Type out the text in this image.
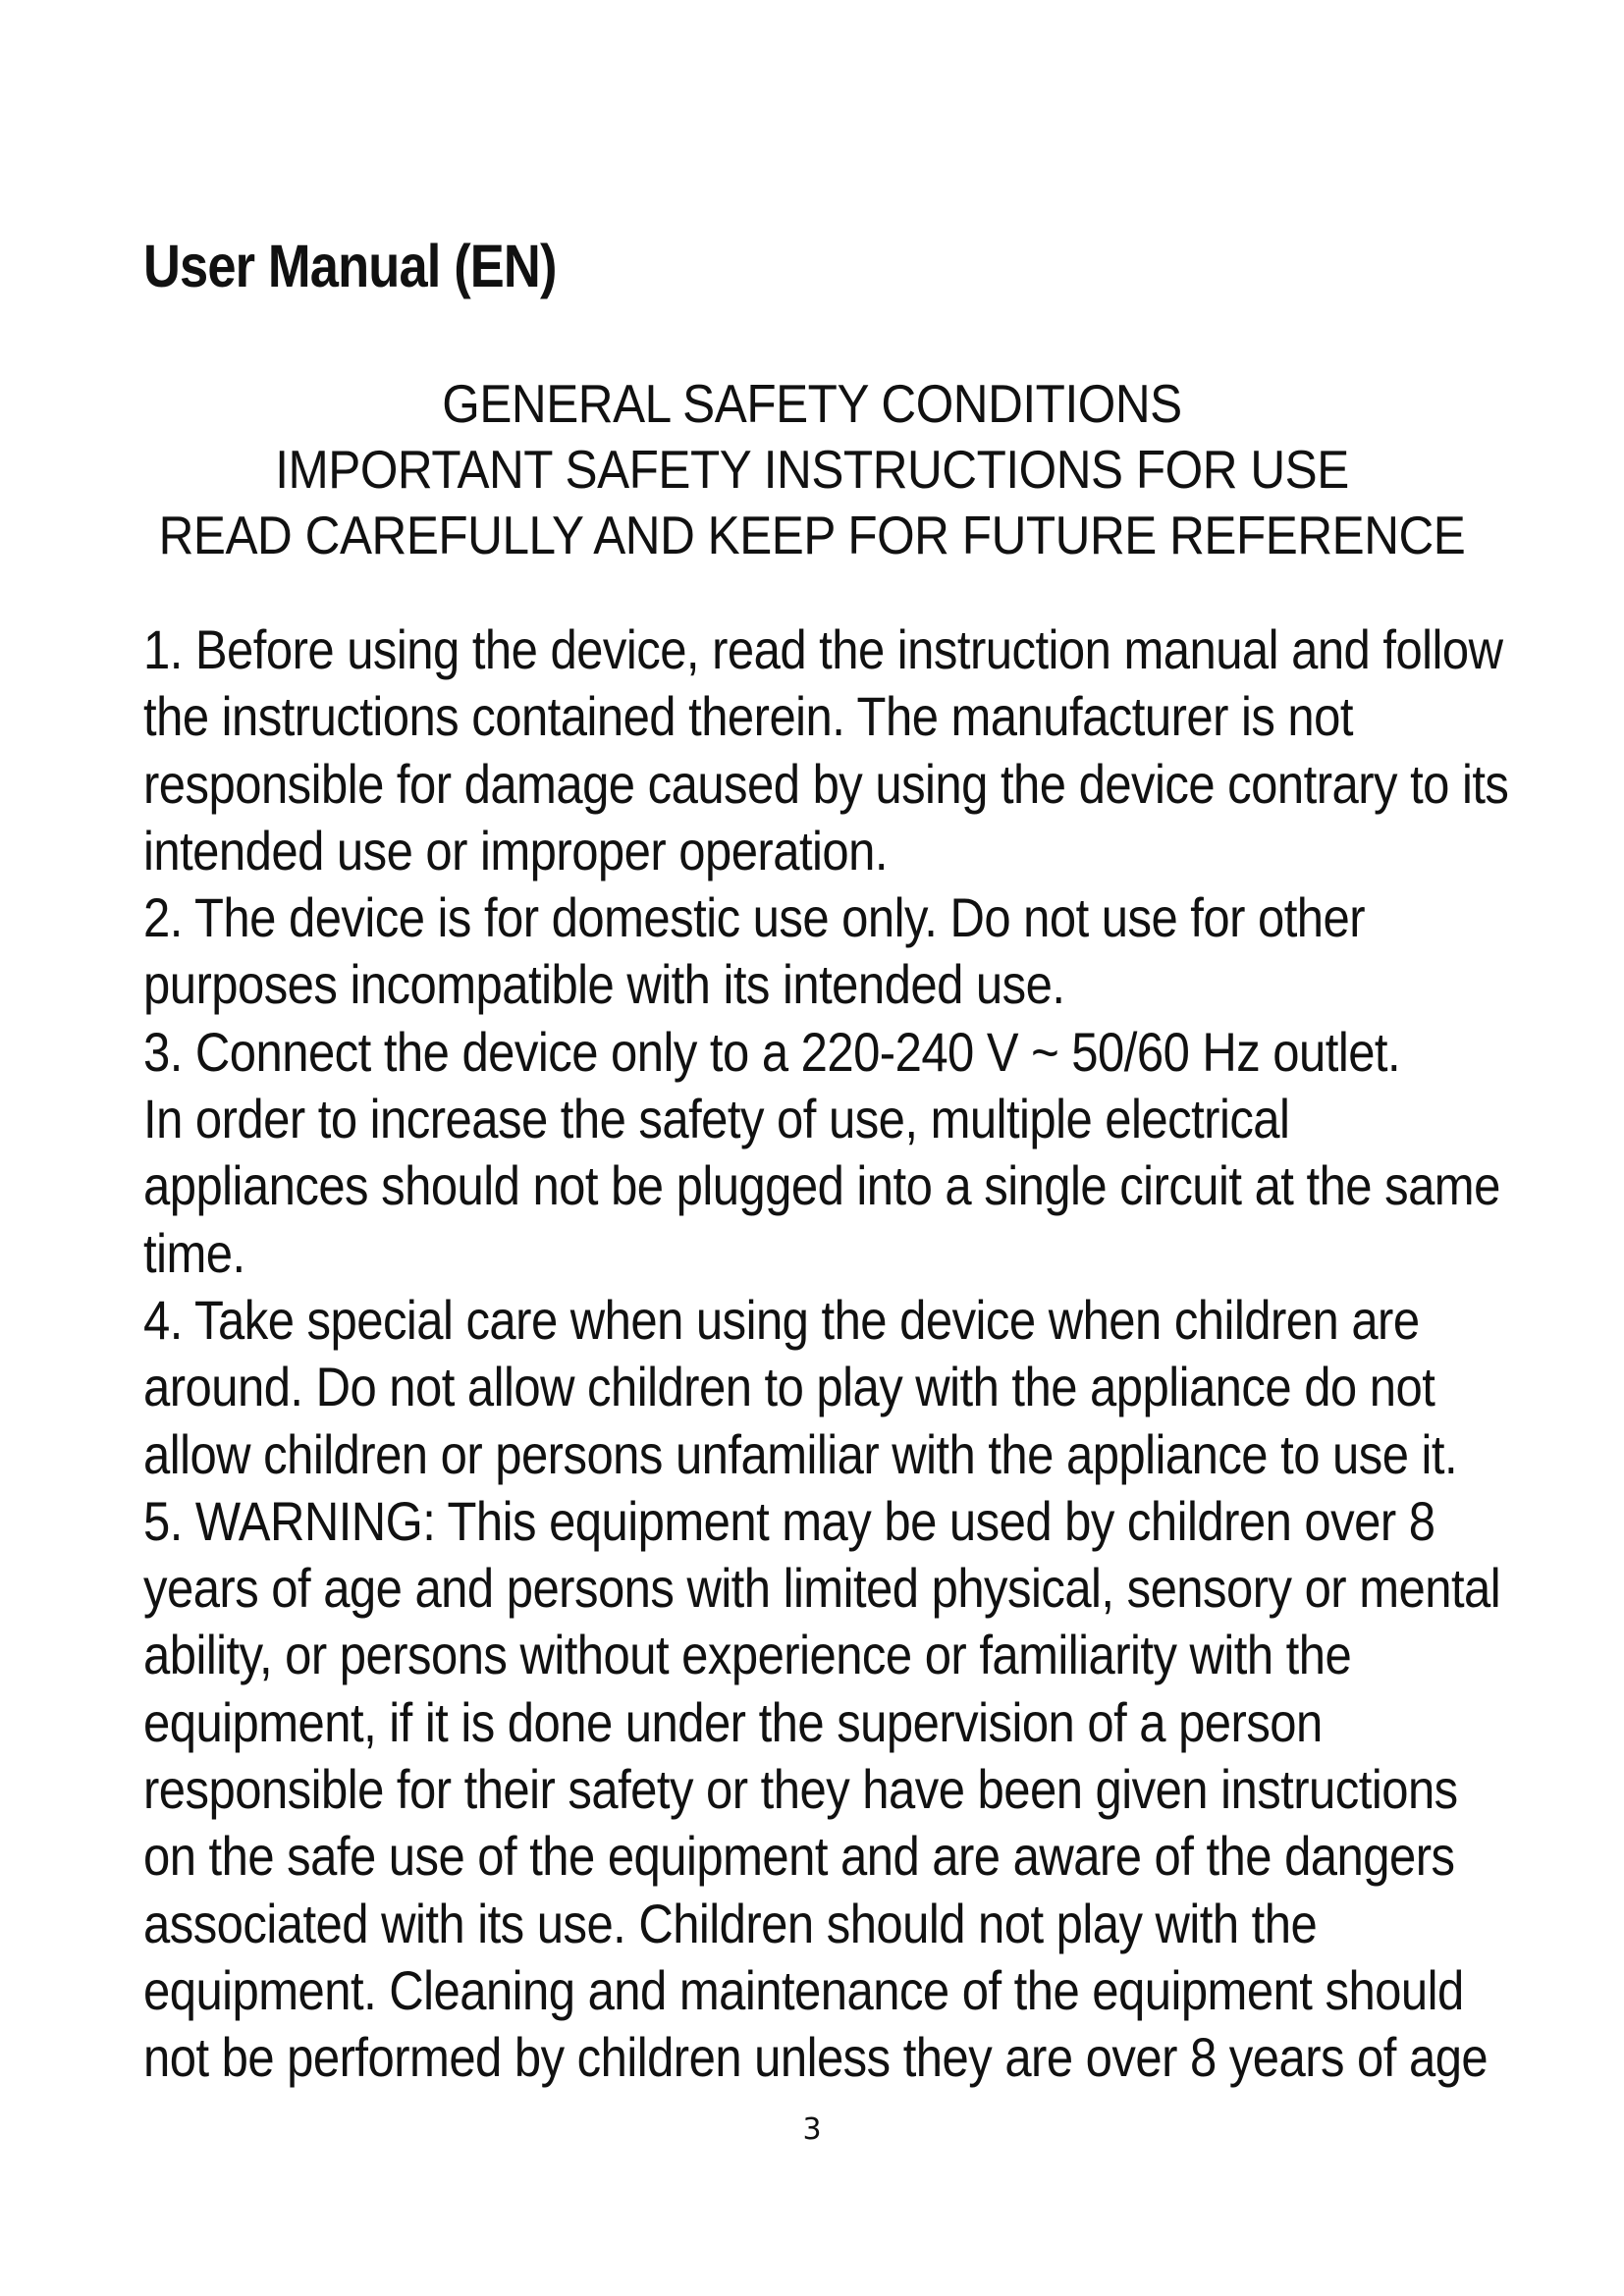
User Manual (EN)
GENERAL SAFETY CONDITIONS
IMPORTANT SAFETY INSTRUCTIONS FOR USE
READ CAREFULLY AND KEEP FOR FUTURE REFERENCE
1. Before using the device, read the instruction manual and follow
the instructions contained therein. The manufacturer is not
responsible for damage caused by using the device contrary to its
intended use or improper operation.
2. The device is for domestic use only. Do not use for other
purposes incompatible with its intended use.
3. Connect the device only to a 220-240 V ~ 50/60 Hz outlet.
In order to increase the safety of use, multiple electrical
appliances should not be plugged into a single circuit at the same
time.
4. Take special care when using the device when children are
around. Do not allow children to play with the appliance do not
allow children or persons unfamiliar with the appliance to use it.
5. WARNING: This equipment may be used by children over 8
years of age and persons with limited physical, sensory or mental
ability, or persons without experience or familiarity with the
equipment, if it is done under the supervision of a person
responsible for their safety or they have been given instructions
on the safe use of the equipment and are aware of the dangers
associated with its use. Children should not play with the
equipment. Cleaning and maintenance of the equipment should
not be performed by children unless they are over 8 years of age
3
